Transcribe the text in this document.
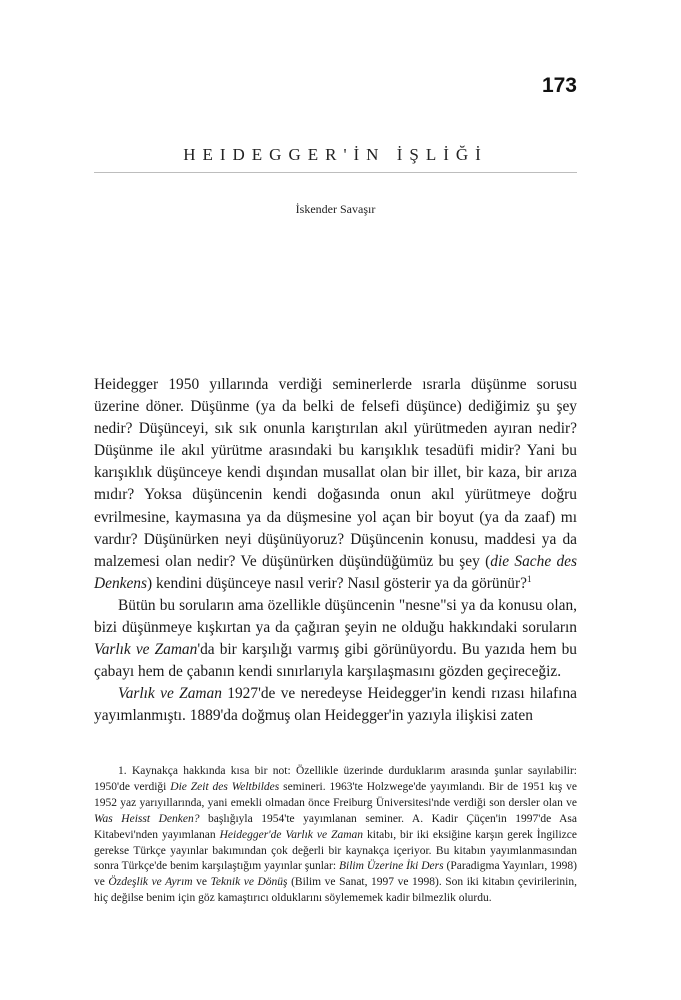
173
HEIDEGGER'İN İŞLİĞİ
İskender Savaşır

Heidegger 1950 yıllarında verdiği seminerlerde ısrarla düşünme sorusu üzerine döner. Düşünme (ya da belki de felsefi düşünce) dediğimiz şu şey nedir? Düşünceyi, sık sık onunla karıştırılan akıl yürütmeden ayıran nedir? Düşünme ile akıl yürütme arasındaki bu karışıklık tesadüfi midir? Yani bu karışıklık düşünceye kendi dışından musallat olan bir illet, bir kaza, bir arıza mıdır? Yoksa düşüncenin kendi doğasında onun akıl yürütmeye doğru evrilmesine, kaymasına ya da düşmesine yol açan bir boyut (ya da zaaf) mı vardır? Düşünürken neyi düşünüyoruz? Düşüncenin konusu, maddesi ya da malzemesi olan nedir? Ve düşünürken düşündüğümüz bu şey (die Sache des Denkens) kendini düşünceye nasıl verir? Nasıl gösterir ya da görünür?$^1$

Bütün bu soruların ama özellikle düşüncenin "nesne"si ya da konusu olan, bizi düşünmeye kışkırtan ya da çağıran şeyin ne olduğu hakkındaki soruların Varlık ve Zaman'da bir karşılığı varmış gibi görünüyordu. Bu yazıda hem bu çabayı hem de çabanın kendi sınırlarıyla karşılaşmasını gözden geçireceğiz.

Varlık ve Zaman 1927'de ve neredeyse Heidegger'in kendi rızası hilafına yayımlanmıştı. 1889'da doğmuş olan Heidegger'in yazıyla ilişkisi zaten

1. Kaynakça hakkında kısa bir not: Özellikle üzerinde durduklarım arasında şunlar sayılabilir: 1950'de verdiği Die Zeit des Weltbildes semineri. 1963'te Holzwege'de yayımlandı. Bir de 1951 kış ve 1952 yaz yarıyıllarında, yani emekli olmadan önce Freiburg Üniversitesi'nde verdiği son dersler olan ve Was Heisst Denken? başlığıyla 1954'te yayımlanan seminer. A. Kadir Çüçen'in 1997'de Asa Kitabevi'nden yayımlanan Heidegger'de Varlık ve Zaman kitabı, bir iki eksiğine karşın gerek İngilizce gerekse Türkçe yayınlar bakımından çok değerli bir kaynakça içeriyor. Bu kitabın yayımlanmasından sonra Türkçe'de benim karşılaştığım yayınlar şunlar: Bilim Üzerine İki Ders (Paradigma Yayınları, 1998) ve Özdeşlik ve Ayrım ve Teknik ve Dönüş (Bilim ve Sanat, 1997 ve 1998). Son iki kitabın çevirilerinin, hiç değilse benim için göz kamaştırıcı olduklarını söylememek kadir bilmezlik olurdu.
